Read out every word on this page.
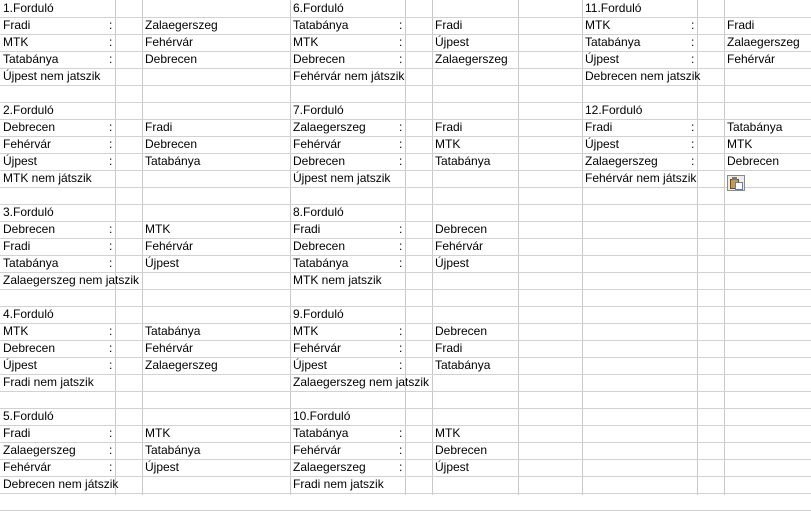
1.Forduló
Fradi	:	Zalaegerszeg
MTK	:	Fehérvár
Tatabánya	:	Debrecen
Újpest nem jatszik
2.Forduló
Debrecen	:	Fradi
Fehérvár	:	Debrecen
Újpest	:	Tatabánya
MTK nem játszik
3.Forduló
Debrecen	:	MTK
Fradi	:	Fehérvár
Tatabánya	:	Újpest
Zalaegerszeg nem jatszik
4.Forduló
MTK	:	Tatabánya
Debrecen	:	Fehérvár
Újpest	:	Zalaegerszeg
Fradi nem jatszik
5.Forduló
Fradi	:	MTK
Zalaegerszeg	:	Tatabánya
Fehérvár	:	Újpest
Debrecen nem játszik
6.Forduló
Tatabánya	:	Fradi
MTK	:	Újpest
Debrecen	:	Zalaegerszeg
Fehérvár nem játszik
7.Forduló
Zalaegerszeg	:	Fradi
Fehérvár	:	MTK
Debrecen	:	Tatabánya
Újpest nem jatszik
8.Forduló
Fradi	:	Debrecen
Debrecen	:	Fehérvár
Tatabánya	:	Újpest
MTK nem jatszik
9.Forduló
MTK	:	Debrecen
Fehérvár	:	Fradi
Újpest	:	Tatabánya
Zalaegerszeg nem jatszik
10.Forduló
Tatabánya	:	MTK
Fehérvár	:	Debrecen
Zalaegerszeg	:	Újpest
Fradi nem jatszik
11.Forduló
MTK	:	Fradi
Tatabánya	:	Zalaegerszeg
Újpest	:	Fehérvár
Debrecen nem jatszik
12.Forduló
Fradi	:	Tatabánya
Újpest	:	MTK
Zalaegerszeg	:	Debrecen
Fehérvár nem játszik
